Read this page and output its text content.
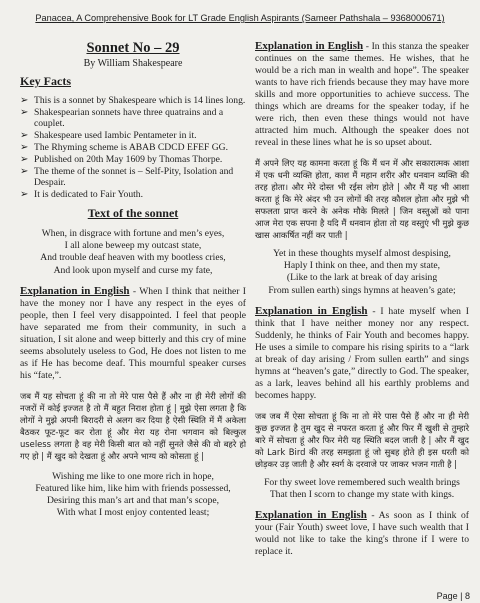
Panacea, A Comprehensive Book for LT Grade English Aspirants (Sameer Pathshala – 9368000671)
Sonnet No – 29
By William Shakespeare
Key Facts
➢ This is a sonnet by Shakespeare which is 14 lines long.
➢ Shakespearian sonnets have three quatrains and a couplet.
➢ Shakespeare used Iambic Pentameter in it.
➢ The Rhyming scheme is ABAB CDCD EFEF GG.
➢ Published on 20th May 1609 by Thomas Thorpe.
➢ The theme of the sonnet is – Self-Pity, Isolation and Despair.
➢ It is dedicated to Fair Youth.
Text of the sonnet
When, in disgrace with fortune and men’s eyes,
I all alone beweep my outcast state,
And trouble deaf heaven with my bootless cries,
And look upon myself and curse my fate,
Explanation in English - When I think that neither I have the money nor I have any respect in the eyes of people, then I feel very disappointed. I feel that people have separated me from their community, in such a situation, I sit alone and weep bitterly and this cry of mine seems absolutely useless to God, He does not listen to me as if He has become deaf. This mournful speaker curses his “fate,”.
जब मैं यह सोचता हूं की ना तो मेरे पास पैसे हैं और ना ही मेरी लोगों की नजरों में कोई इज्जत है तो मैं बहुत निराश होता हूं | मुझे ऐसा लगता है कि लोगों ने मुझे अपनी बिरादरी से अलग कर दिया है ऐसी स्थिति में मैं अकेला बैठकर फूट-फूट कर रोता हूं और मेरा यह रोना भगवान को बिल्कुल useless लगता है वह मेरी किसी बात को नहीं सुनते जैसे की वो बहरे हो गए हो | मैं खुद को देखता हूं और अपने भाग्य को कोसता हूं |
Wishing me like to one more rich in hope,
Featured like him, like him with friends possessed,
Desiring this man’s art and that man’s scope,
With what I most enjoy contented least;
Explanation in English - In this stanza the speaker continues on the same themes. He wishes, that he would be a rich man in wealth and hope”. The speaker wants to have rich friends because they may have more skills and more opportunities to achieve success. The things which are dreams for the speaker today, if he were rich, then even these things would not have attracted him much. Although the speaker does not reveal in these lines what he is so upset about.
मैं अपने लिए यह कामना करता हूं कि मैं धन में और सकारात्मक आशा में एक धनी व्यक्ति होता, काश मैं महान शरीर और धनवान व्यक्ति की तरह होता। और मेरे दोस्त भी रईस लोग होते | और मैं यह भी आशा करता हूं कि मेरे अंदर भी उन लोगों की तरह कौशल होता और मुझे भी सफलता प्राप्त करने के अनेक मौके मिलते | जिन वस्तुओं को पाना आज मेरा एक सपना है यदि मैं धनवान होता तो यह वस्तुएं भी मुझे कुछ खास आकर्षित नहीं कर पाती |
Yet in these thoughts myself almost despising,
Haply I think on thee, and then my state,
(Like to the lark at break of day arising
From sullen earth) sings hymns at heaven’s gate;
Explanation in English - I hate myself when I think that I have neither money nor any respect. Suddenly, he thinks of Fair Youth and becomes happy. He uses a simile to compare his rising spirits to a “lark at break of day arising / From sullen earth” and sings hymns at “heaven’s gate,” directly to God. The speaker, as a lark, leaves behind all his earthly problems and becomes happy.
जब जब मैं ऐसा सोचता हूं कि ना तो मेरे पास पैसे हैं और ना ही मेरी कुछ इज्जत है तुम खुद से नफरत करता हूं और फिर मैं खुशी से तुम्हारे बारे में सोचता हूं और फिर मेरी यह स्थिति बदल जाती है | और मैं खुद को Lark Bird की तरह समझता हूं जो सुबह होते ही इस धरती को छोड़कर उड़ जाती है और स्वर्ग के दरवाजे पर जाकर भजन गाती है |
For thy sweet love remembered such wealth brings
That then I scorn to change my state with kings.
Explanation in English - As soon as I think of your (Fair Youth) sweet love, I have such wealth that I would not like to take the king's throne if I were to replace it.
Page | 8
